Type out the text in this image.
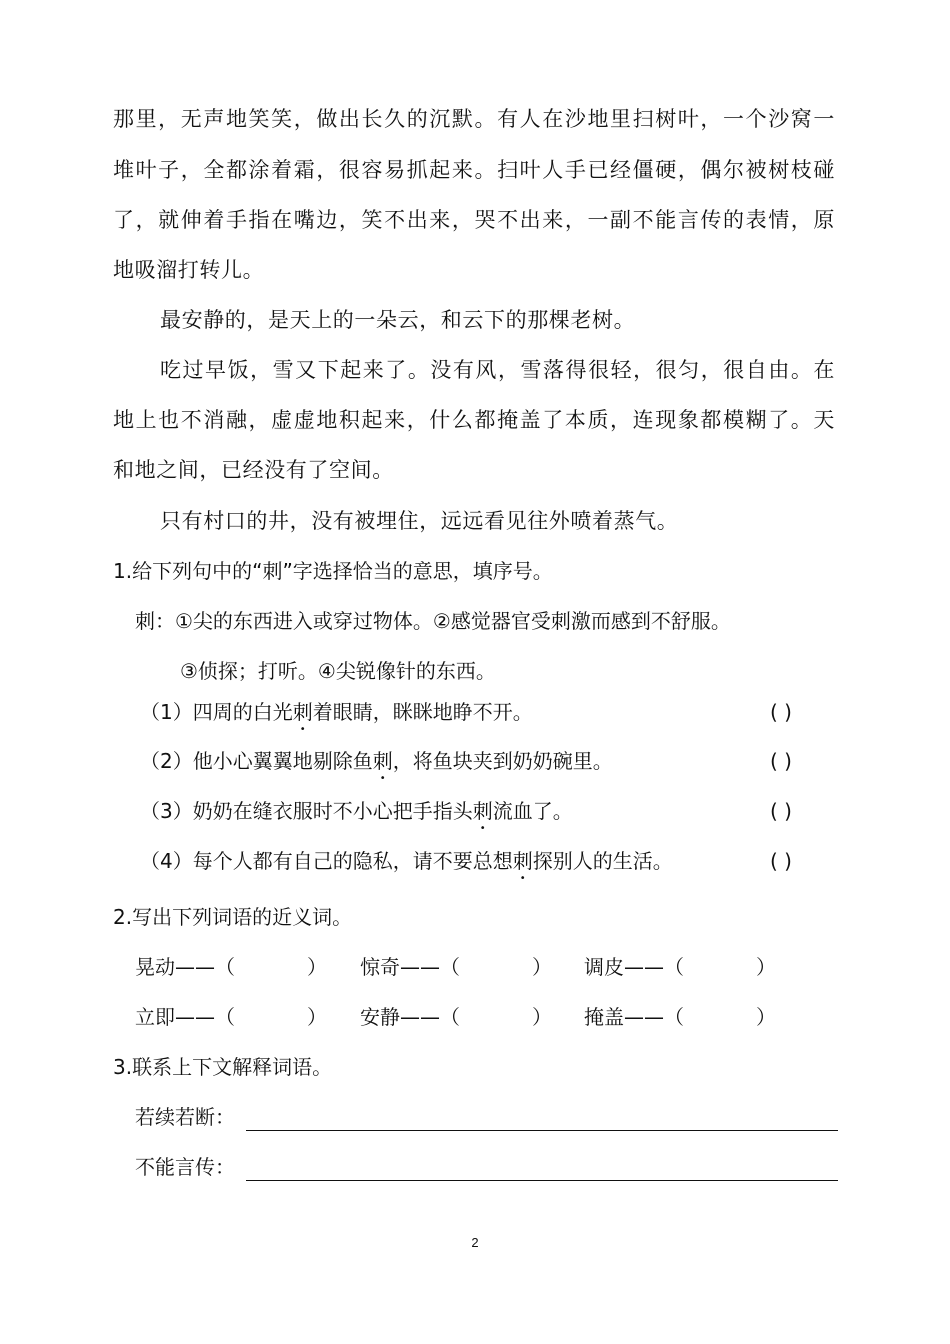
那里，无声地笑笑，做出长久的沉默。有人在沙地里扫树叶，一个沙窝一
堆叶子，全都涂着霜，很容易抓起来。扫叶人手已经僵硬，偶尔被树枝碰
了，就伸着手指在嘴边，笑不出来，哭不出来，一副不能言传的表情，原
地吸溜打转儿。
最安静的，是天上的一朵云，和云下的那棵老树。
吃过早饭，雪又下起来了。没有风，雪落得很轻，很匀，很自由。在
地上也不消融，虚虚地积起来，什么都掩盖了本质，连现象都模糊了。天
和地之间，已经没有了空间。
只有村口的井，没有被埋住，远远看见往外喷着蒸气。
1.给下列句中的“刺”字选择恰当的意思，填序号。
刺：①尖的东西进入或穿过物体。②感觉器官受刺激而感到不舒服。
③侦探；打听。④尖锐像针的东西。
（1）四周的白光刺着眼睛，眯眯地睁不开。	( )
（2）他小心翼翼地剔除鱼刺，将鱼块夹到奶奶碗里。	( )
（3）奶奶在缝衣服时不小心把手指头刺流血了。	( )
（4）每个人都有自己的隐私，请不要总想刺探别人的生活。	( )
2.写出下列词语的近义词。
晃动——（	） 惊奇——（	） 调皮——（	）
立即——（	） 安静——（	） 掩盖——（	）
3.联系上下文解释词语。
若续若断：
不能言传：
2
